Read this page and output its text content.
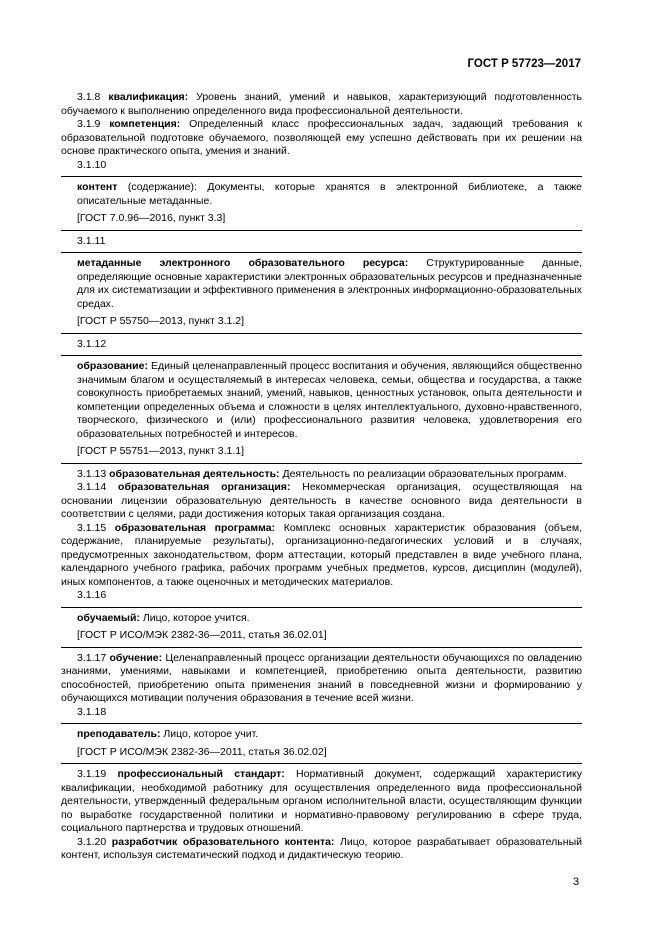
ГОСТ Р 57723—2017

3.1.8 квалификация: Уровень знаний, умений и навыков, характеризующий подготовленность обучаемого к выполнению определенного вида профессиональной деятельности.

3.1.9 компетенция: Определенный класс профессиональных задач, задающий требования к образовательной подготовке обучаемого, позволяющей ему успешно действовать при их решении на основе практического опыта, умения и знаний.

3.1.10

контент (содержание): Документы, которые хранятся в электронной библиотеке, а также описательные метаданные.

[ГОСТ 7.0.96—2016, пункт 3.3]

3.1.11

метаданные электронного образовательного ресурса: Структурированные данные, определяющие основные характеристики электронных образовательных ресурсов и предназначенные для их систематизации и эффективного применения в электронных информационно-образовательных средах.

[ГОСТ Р 55750—2013, пункт 3.1.2]

3.1.12

образование: Единый целенаправленный процесс воспитания и обучения, являющийся общественно значимым благом и осуществляемый в интересах человека, семьи, общества и государства, а также совокупность приобретаемых знаний, умений, навыков, ценностных установок, опыта деятельности и компетенции определенных объема и сложности в целях интеллектуального, духовно-нравственного, творческого, физического и (или) профессионального развития человека, удовлетворения его образовательных потребностей и интересов.

[ГОСТ Р 55751—2013, пункт 3.1.1]

3.1.13 образовательная деятельность: Деятельность по реализации образовательных программ.

3.1.14 образовательная организация: Некоммерческая организация, осуществляющая на основании лицензии образовательную деятельность в качестве основного вида деятельности в соответствии с целями, ради достижения которых такая организация создана.

3.1.15 образовательная программа: Комплекс основных характеристик образования (объем, содержание, планируемые результаты), организационно-педагогических условий и в случаях, предусмотренных законодательством, форм аттестации, который представлен в виде учебного плана, календарного учебного графика, рабочих программ учебных предметов, курсов, дисциплин (модулей), иных компонентов, а также оценочных и методических материалов.

3.1.16

обучаемый: Лицо, которое учится.

[ГОСТ Р ИСО/МЭК 2382-36—2011, статья 36.02.01]

3.1.17 обучение: Целенаправленный процесс организации деятельности обучающихся по овладению знаниями, умениями, навыками и компетенцией, приобретению опыта деятельности, развитию способностей, приобретению опыта применения знаний в повседневной жизни и формированию у обучающихся мотивации получения образования в течение всей жизни.

3.1.18

преподаватель: Лицо, которое учит.

[ГОСТ Р ИСО/МЭК 2382-36—2011, статья 36.02.02]

3.1.19 профессиональный стандарт: Нормативный документ, содержащий характеристику квалификации, необходимой работнику для осуществления определенного вида профессиональной деятельности, утвержденный федеральным органом исполнительной власти, осуществляющим функции по выработке государственной политики и нормативно-правовому регулированию в сфере труда, социального партнерства и трудовых отношений.

3.1.20 разработчик образовательного контента: Лицо, которое разрабатывает образовательный контент, используя систематический подход и дидактическую теорию.

3
